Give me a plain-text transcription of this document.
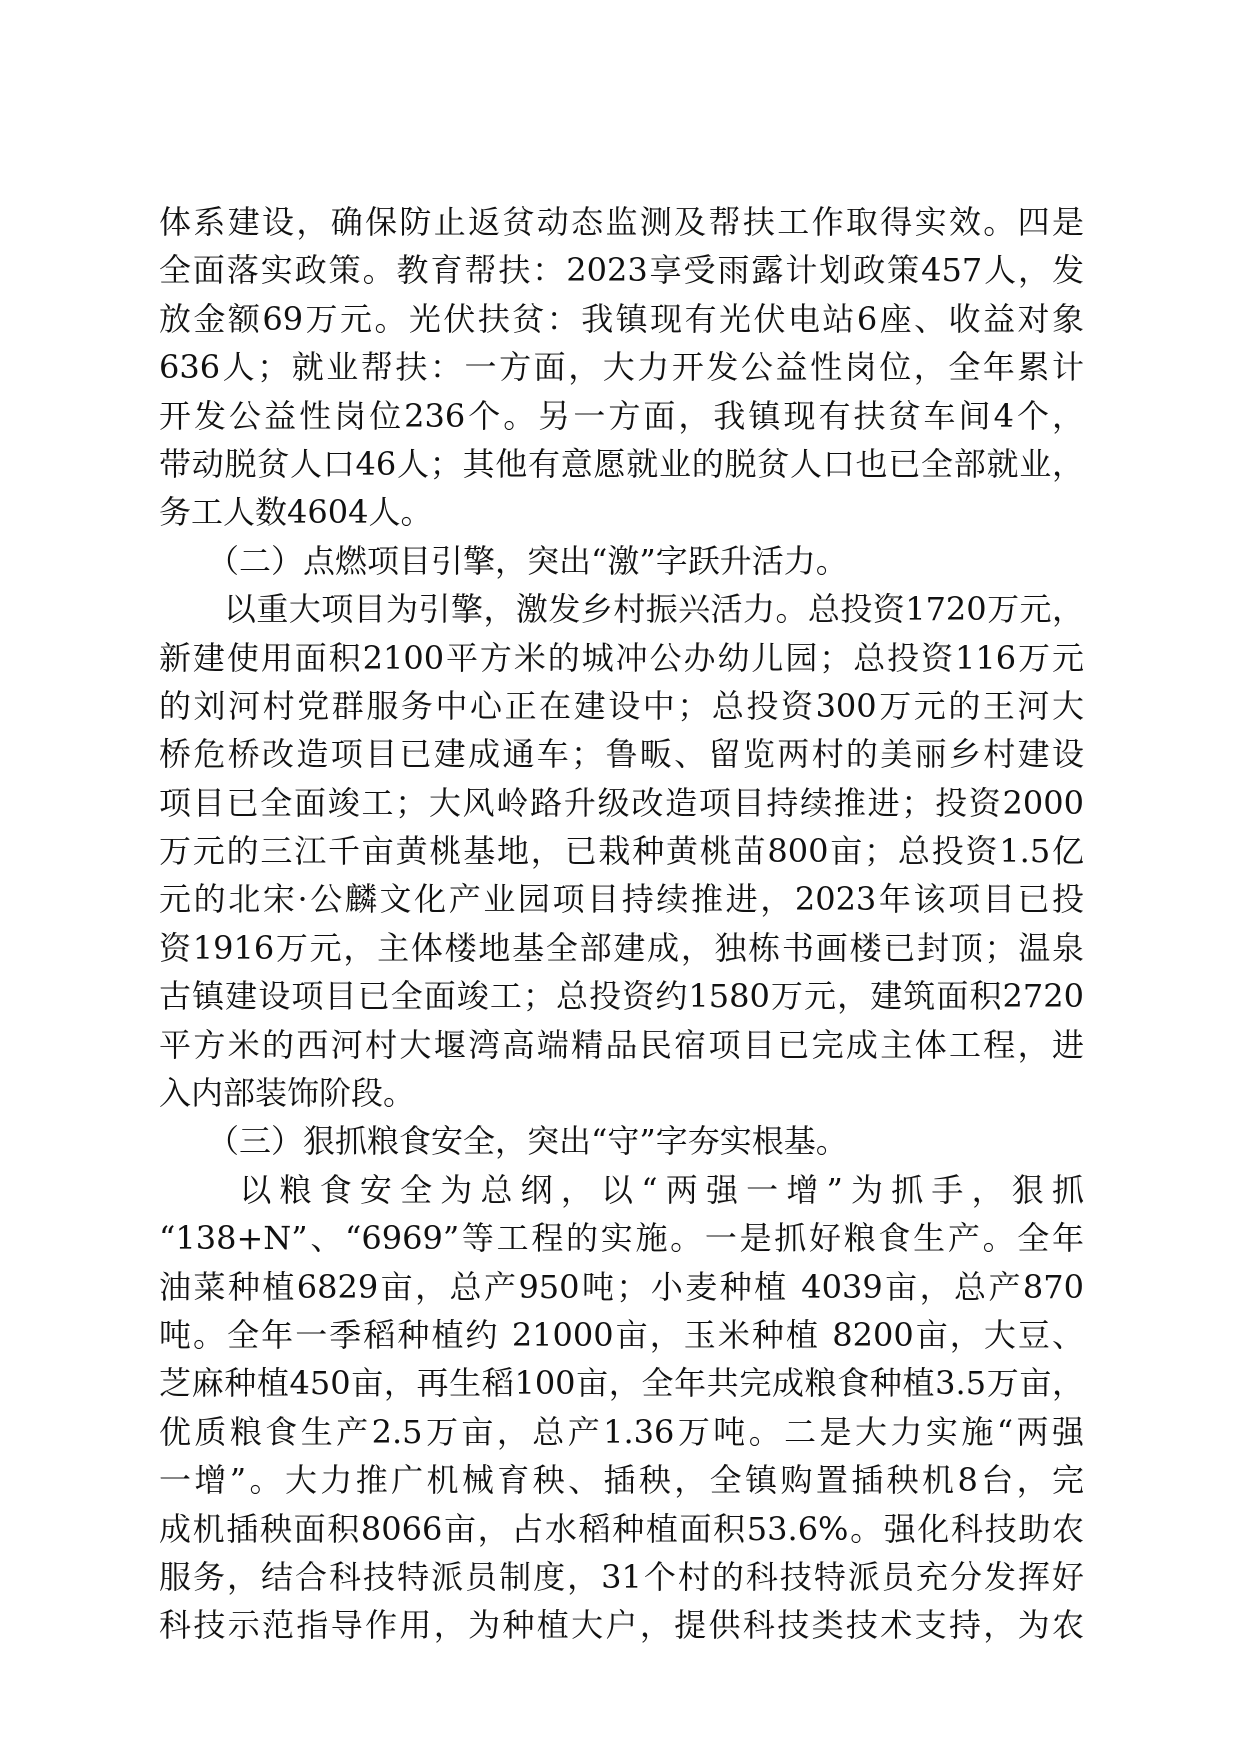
体系建设，确保防止返贫动态监测及帮扶工作取得实效。四是
全面落实政策。教育帮扶：2023享受雨露计划政策457人，发
放金额69万元。光伏扶贫：我镇现有光伏电站6座、收益对象
636人；就业帮扶：一方面，大力开发公益性岗位，全年累计
开发公益性岗位236个。另一方面，我镇现有扶贫车间4个，
带动脱贫人口46人；其他有意愿就业的脱贫人口也已全部就业，
务工人数4604人。
　　（二）点燃项目引擎，突出“激”字跃升活力。
　　以重大项目为引擎，激发乡村振兴活力。总投资1720万元，
新建使用面积2100平方米的城冲公办幼儿园；总投资116万元
的刘河村党群服务中心正在建设中；总投资300万元的王河大
桥危桥改造项目已建成通车；鲁畈、留览两村的美丽乡村建设
项目已全面竣工；大风岭路升级改造项目持续推进；投资2000
万元的三江千亩黄桃基地，已栽种黄桃苗800亩；总投资1.5亿
元的北宋·公麟文化产业园项目持续推进，2023年该项目已投
资1916万元，主体楼地基全部建成，独栋书画楼已封顶；温泉
古镇建设项目已全面竣工；总投资约1580万元，建筑面积2720
平方米的西河村大堰湾高端精品民宿项目已完成主体工程，进
入内部装饰阶段。
　　（三）狠抓粮食安全，突出“守”字夯实根基。
　　以粮食安全为总纲，以“两强一增”为抓手，狠抓
“138+N”、“6969”等工程的实施。一是抓好粮食生产。全年
油菜种植6829亩，总产950吨；小麦种植 4039亩，总产870
吨。全年一季稻种植约 21000亩，玉米种植 8200亩，大豆、
芝麻种植450亩，再生稻100亩，全年共完成粮食种植3.5万亩，
优质粮食生产2.5万亩，总产1.36万吨。二是大力实施“两强
一增”。大力推广机械育秧、插秧，全镇购置插秧机8台，完
成机插秧面积8066亩，占水稻种植面积53.6%。强化科技助农
服务，结合科技特派员制度，31个村的科技特派员充分发挥好
科技示范指导作用，为种植大户，提供科技类技术支持，为农
